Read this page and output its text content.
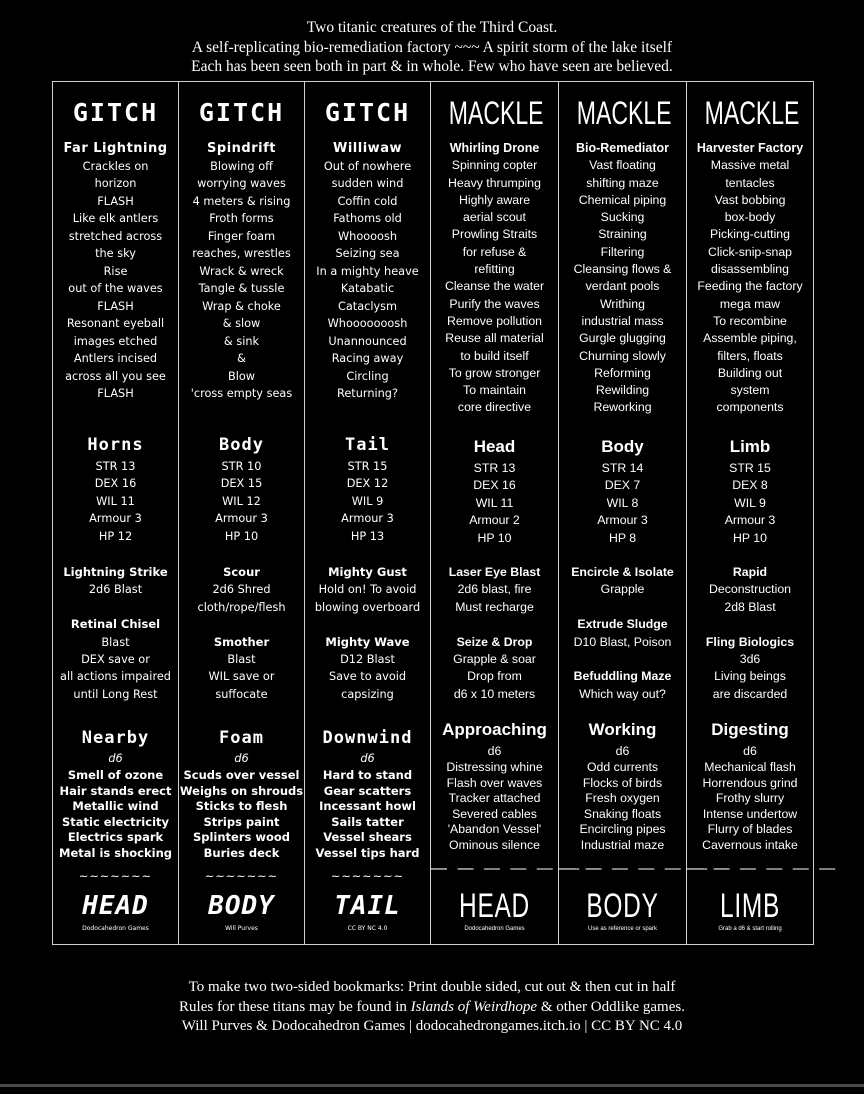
Two titanic creatures of the Third Coast.
A self-replicating bio-remediation factory ~~~ A spirit storm of the lake itself
Each has been seen both in part & in whole. Few who have seen are believed.
GITCH
Far Lightning
Crackles on
horizon
FLASH
Like elk antlers
stretched across
the sky
Rise
out of the waves
FLASH
Resonant eyeball
images etched
Antlers incised
across all you see
FLASH
Horns
STR 13
DEX 16
WIL 11
Armour 3
HP 12
Lightning Strike
2d6 Blast

Retinal Chisel
Blast
DEX save or
all actions impaired
until Long Rest
Nearby
d6
Smell of ozone
Hair stands erect
Metallic wind
Static electricity
Electrics spark
Metal is shocking
~~~~~~~
HEAD
Dodocahedron Games
GITCH
Spindrift
Blowing off
worrying waves
4 meters & rising
Froth forms
Finger foam
reaches, wrestles
Wrack & wreck
Tangle & tussle
Wrap & choke
& slow
& sink
&
Blow
'cross empty seas
Body
STR 10
DEX 15
WIL 12
Armour 3
HP 10
Scour
2d6 Shred
cloth/rope/flesh

Smother
Blast
WIL save or
suffocate
Foam
d6
Scuds over vessel
Weighs on shrouds
Sticks to flesh
Strips paint
Splinters wood
Buries deck
~~~~~~~
BODY
Will Purves
GITCH
Williwaw
Out of nowhere
sudden wind
Coffin cold
Fathoms old
Whoooosh
Seizing sea
In a mighty heave
Katabatic
Cataclysm
Whooooooosh
Unannounced
Racing away
Circling
Returning?
Tail
STR 15
DEX 12
WIL 9
Armour 3
HP 13
Mighty Gust
Hold on! To avoid
blowing overboard

Mighty Wave
D12 Blast
Save to avoid
capsizing
Downwind
d6
Hard to stand
Gear scatters
Incessant howl
Sails tatter
Vessel shears
Vessel tips hard
~~~~~~~
TAIL
CC BY NC 4.0
MACKLE
Whirling Drone
Spinning copter
Heavy thrumping
Highly aware
aerial scout
Prowling Straits
for refuse &
refitting
Cleanse the water
Purify the waves
Remove pollution
Reuse all material
to build itself
To grow stronger
To maintain
core directive
Head
STR 13
DEX 16
WIL 11
Armour 2
HP 10
Laser Eye Blast
2d6 blast, fire
Must recharge

Seize & Drop
Grapple & soar
Drop from
d6 x 10 meters
Approaching
d6
Distressing whine
Flash over waves
Tracker attached
Severed cables
'Abandon Vessel'
Ominous silence
— — — — — —
HEAD
Dodocahedron Games
MACKLE
Bio-Remediator
Vast floating
shifting maze
Chemical piping
Sucking
Straining
Filtering
Cleansing flows &
verdant pools
Writhing
industrial mass
Gurgle glugging
Churning slowly
Reforming
Rewilding
Reworking
Body
STR 14
DEX 7
WIL 8
Armour 3
HP 8
Encircle & Isolate
Grapple

Extrude Sludge
D10 Blast, Poison

Befuddling Maze
Which way out?
Working
d6
Odd currents
Flocks of birds
Fresh oxygen
Snaking floats
Encircling pipes
Industrial maze
— — — — — —
BODY
Use as reference or spark
MACKLE
Harvester Factory
Massive metal
tentacles
Vast bobbing
box-body
Picking-cutting
Click-snip-snap
disassembling
Feeding the factory
mega maw
To recombine
Assemble piping,
filters, floats
Building out
system
components
Limb
STR 15
DEX 8
WIL 9
Armour 3
HP 10
Rapid
Deconstruction
2d8 Blast

Fling Biologics
3d6
Living beings
are discarded
Digesting
d6
Mechanical flash
Horrendous grind
Frothy slurry
Intense undertow
Flurry of blades
Cavernous intake
— — — — — —
LIMB
Grab a d6 & start rolling
To make two two-sided bookmarks: Print double sided, cut out & then cut in half
Rules for these titans may be found in Islands of Weirdhope & other Oddlike games.
Will Purves & Dodocahedron Games | dodocahedrongames.itch.io | CC BY NC 4.0
